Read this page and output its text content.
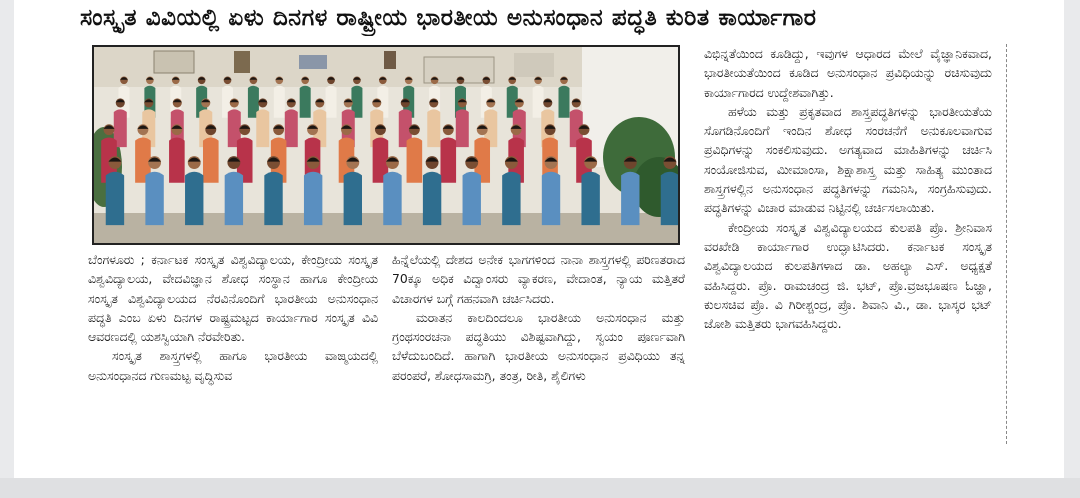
ಸಂಸ್ಕೃತ ವಿವಿಯಲ್ಲಿ ಏಳು ದಿನಗಳ ರಾಷ್ಟ್ರೀಯ ಭಾರತೀಯ ಅನುಸಂಧಾನ ಪದ್ಧತಿ ಕುರಿತ ಕಾರ್ಯಾಗಾರ

ಬೆಂಗಳೂರು ; ಕರ್ನಾಟಕ ಸಂಸ್ಕೃತ ವಿಶ್ವವಿದ್ಯಾಲಯ, ಕೇಂದ್ರೀಯ ಸಂಸ್ಕೃತ ವಿಶ್ವವಿದ್ಯಾಲಯ, ವೇದವಿಜ್ಞಾನ ಶೋಧ ಸಂಸ್ಥಾನ ಹಾಗೂ ಕೇಂದ್ರೀಯ ಸಂಸ್ಕೃತ ವಿಶ್ವವಿದ್ಯಾಲಯದ ನೆರವಿನೊಂದಿಗೆ ಭಾರತೀಯ ಅನುಸಂಧಾನ ಪದ್ಧತಿ ಎಂಬ ಏಳು ದಿನಗಳ ರಾಷ್ಟ್ರಮಟ್ಟದ ಕಾರ್ಯಾಗಾರ ಸಂಸ್ಕೃತ ವಿವಿ ಆವರಣದಲ್ಲಿ ಯಶಸ್ವಿಯಾಗಿ ನೆರವೇರಿತು.

ಸಂಸ್ಕೃತ ಶಾಸ್ತ್ರಗಳಲ್ಲಿ ಹಾಗೂ ಭಾರತೀಯ ವಾಙ್ಮಯದಲ್ಲಿ ಅನುಸಂಧಾನದ ಗುಣಮಟ್ಟ ವೃದ್ಧಿಸುವ

ಹಿನ್ನೆಲೆಯಲ್ಲಿ ದೇಶದ ಅನೇಕ ಭಾಗಗಳಿಂದ ನಾನಾ ಶಾಸ್ತ್ರಗಳಲ್ಲಿ ಪರಿಣತರಾದ 70ಕ್ಕೂ ಅಧಿಕ ವಿದ್ವಾಂಸರು ವ್ಯಾಕರಣ, ವೇದಾಂತ, ನ್ಯಾಯ ಮತ್ತಿತರೆ ವಿಚಾರಗಳ ಬಗ್ಗೆ ಗಹನವಾಗಿ ಚರ್ಚಿಸಿದರು.

ಮರಾತನ ಕಾಲದಿಂದಲೂ ಭಾರತೀಯ ಅನುಸಂಧಾನ ಮತ್ತು ಗ್ರಂಥಸಂರಚನಾ ಪದ್ಧತಿಯು ವಿಶಿಷ್ಟವಾಗಿದ್ದು, ಸ್ವಯಂ ಪೂರ್ಣವಾಗಿ ಬೆಳೆದುಬಂದಿದೆ. ಹಾಗಾಗಿ ಭಾರತೀಯ ಅನುಸಂಧಾನ ಪ್ರವಿಧಿಯು ತನ್ನ ಪರಂಪರೆ, ಶೋಧಸಾಮಗ್ರಿ, ತಂತ್ರ, ರೀತಿ, ಶೈಲಿಗಳು

ವಿಭಿನ್ನತೆಯಿಂದ ಕೂಡಿದ್ದು, ಇವುಗಳ ಆಧಾರದ ಮೇಲೆ ವೈಜ್ಞಾನಿಕವಾದ, ಭಾರತೀಯತೆಯಿಂದ ಕೂಡಿದ ಅನುಸಂಧಾನ ಪ್ರವಿಧಿಯನ್ನು ರಚಿಸುವುದು ಕಾರ್ಯಾಗಾರದ ಉದ್ದೇಶವಾಗಿತ್ತು.

ಹಳೆಯ ಮತ್ತು ಪ್ರಕೃತವಾದ ಶಾಸ್ತ್ರಪದ್ಧತಿಗಳನ್ನು ಭಾರತೀಯತೆಯ ಸೊಗಡಿನೊಂದಿಗೆ ಇಂದಿನ ಶೋಧ ಸಂರಚನೆಗೆ ಅನುಕೂಲವಾಗುವ ಪ್ರವಿಧಿಗಳನ್ನು ಸಂಕಲಿಸುವುದು. ಅಗತ್ಯವಾದ ಮಾಹಿತಿಗಳನ್ನು ಚರ್ಚಿಸಿ ಸಂಯೋಜಿಸುವ, ಮೀಮಾಂಸಾ, ಶಿಕ್ಷಾಶಾಸ್ತ್ರ ಮತ್ತು ಸಾಹಿತ್ಯ ಮುಂತಾದ ಶಾಸ್ತ್ರಗಳಲ್ಲಿನ ಅನುಸಂಧಾನ ಪದ್ಧತಿಗಳನ್ನು ಗಮನಿಸಿ, ಸಂಗ್ರಹಿಸುವುದು. ಪದ್ಧತಿಗಳನ್ನು ವಿಚಾರ ಮಾಡುವ ನಿಟ್ಟಿನಲ್ಲಿ ಚರ್ಚಿಸಲಾಯಿತು.

ಕೇಂದ್ರೀಯ ಸಂಸ್ಕೃತ ವಿಶ್ವವಿದ್ಯಾಲಯದ ಕುಲಪತಿ ಪ್ರೊ. ಶ್ರೀನಿವಾಸ ವರಖೇಡಿ ಕಾರ್ಯಾಗಾರ ಉದ್ಘಾಟಿಸಿದರು. ಕರ್ನಾಟಕ ಸಂಸ್ಕೃತ ವಿಶ್ವವಿದ್ಯಾಲಯದ ಕುಲಪತಿಗಳಾದ ಡಾ. ಅಹಲ್ಯಾ ಎಸ್. ಅಧ್ಯಕ್ಷತೆ ವಹಿಸಿದ್ದರು. ಪ್ರೊ. ರಾಮಚಂದ್ರ ಜಿ. ಭಟ್, ಪ್ರೊ.ವ್ರಜಭೂಷಣ ಓಜ್ಹಾ, ಕುಲಸಚಿವ ಪ್ರೊ. ವಿ ಗಿರೀಶ್ಚಂದ್ರ, ಪ್ರೊ. ಶಿವಾನಿ ವಿ., ಡಾ. ಭಾಸ್ಕರ ಭಟ್ ಜೋಶಿ ಮತ್ತಿತರು ಭಾಗವಹಿಸಿದ್ದರು.
